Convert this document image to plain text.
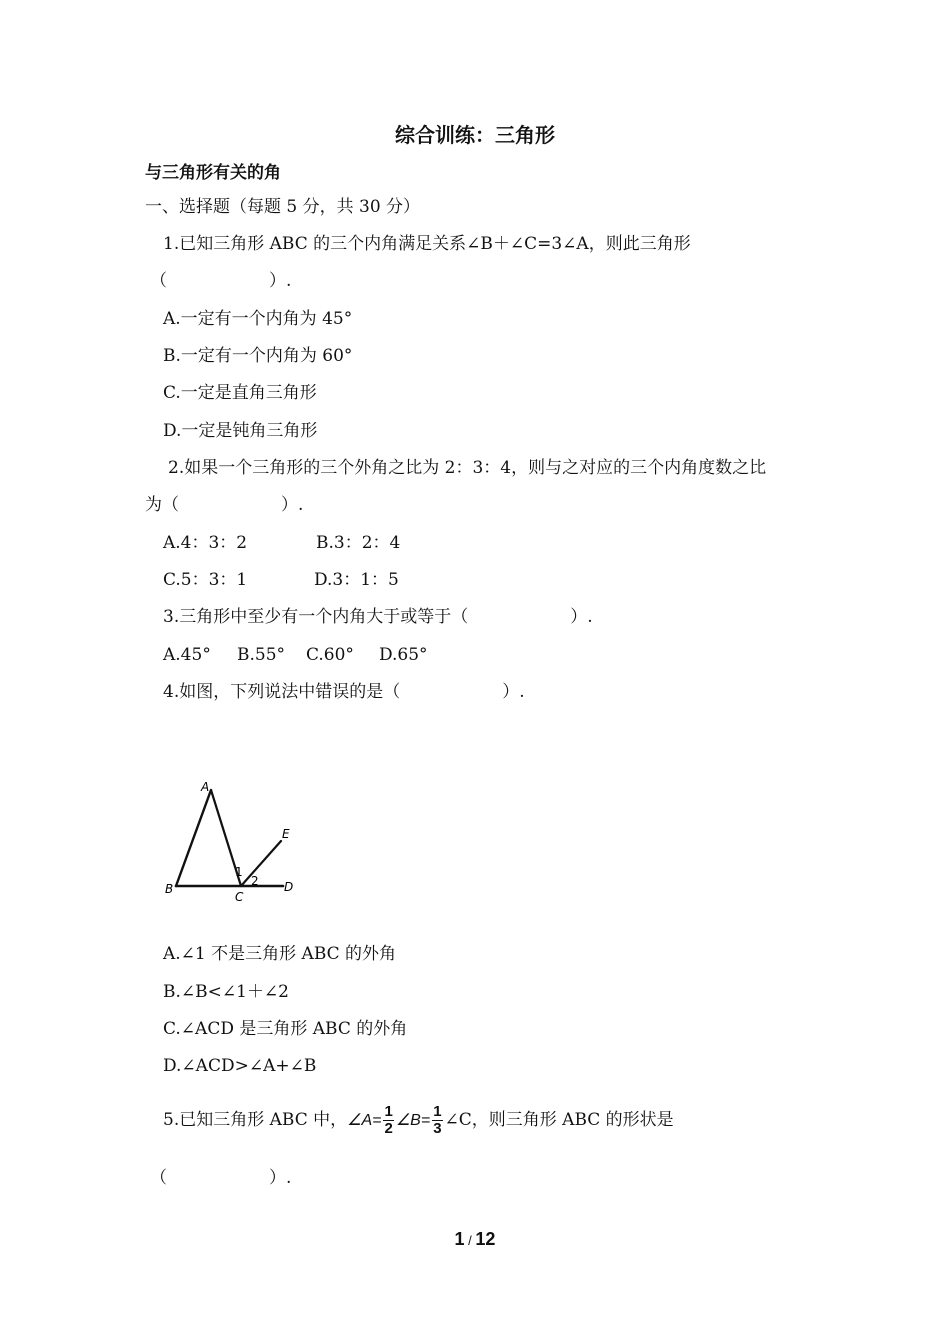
综合训练：三角形
与三角形有关的角
一、选择题（每题 5 分，共 30 分）
1.已知三角形 ABC 的三个内角满足关系∠B＋∠C=3∠A，则此三角形
（　　　　　　）.
A.一定有一个内角为 45°
B.一定有一个内角为 60°
C.一定是直角三角形
D.一定是钝角三角形
2.如果一个三角形的三个外角之比为 2：3：4，则与之对应的三个内角度数之比
为（　　　　　　）.
A.4：3：2	B.3：2：4
C.5：3：1	D.3：1：5
3.三角形中至少有一个内角大于或等于（　　　　　　）.
A.45° B.55° C.60° D.65°
4.如图，下列说法中错误的是（　　　　　　）.
A
B
C
D
E
1
2
A.∠1 不是三角形 ABC 的外角
B.∠B<∠1＋∠2
C.∠ACD 是三角形 ABC 的外角
D.∠ACD>∠A+∠B
5.已知三角形 ABC 中，∠A= $\frac{1}{2}$ ∠B= $\frac{1}{3}$ ∠C，则三角形 ABC 的形状是
（　　　　　　）.
1 / 12
